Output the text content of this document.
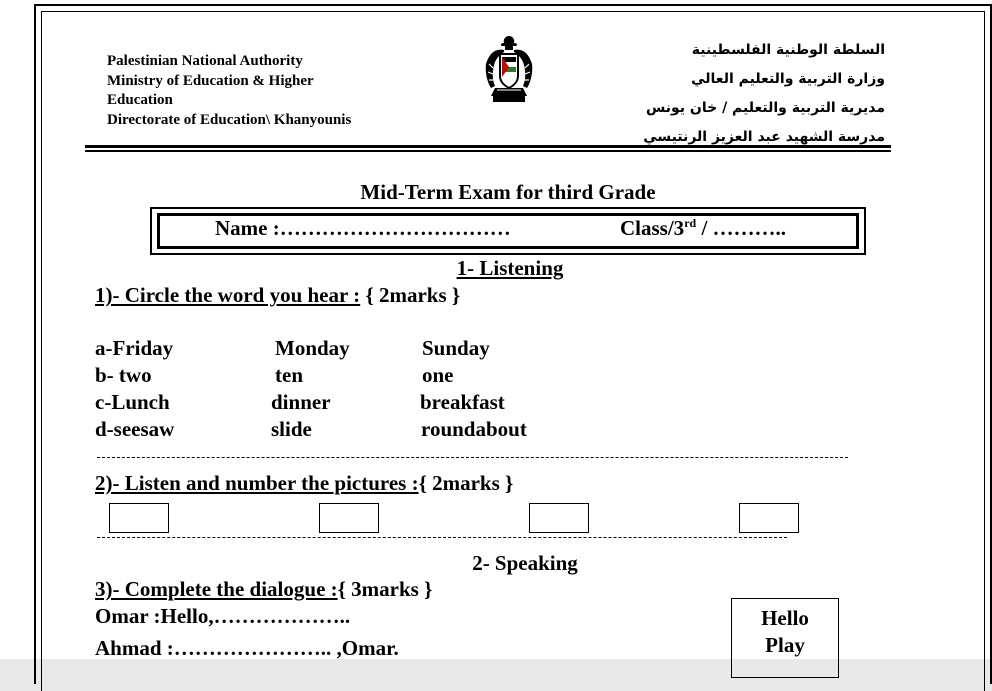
Palestinian National Authority
Ministry of Education & Higher
Education
Directorate of Education\ Khanyounis
السلطة الوطنية الفلسطينية
وزارة التربية والتعليم العالي
مديرية التربية والتعليم / خان يونس
مدرسة الشهيد عبد العزيز الرنتيسي
Mid-Term Exam for third Grade
Name :……………………………	Class/3rd / ………..
1- Listening
1)- Circle the word you hear : { 2marks }
a-Friday	Monday	Sunday
b- two	ten	one
c-Lunch	dinner	breakfast
d-seesaw	slide	roundabout
2)- Listen and number the pictures :{ 2marks }
2- Speaking
3)- Complete the dialogue :{ 3marks }
Omar :Hello,………………..
Ahmad :………………….. ,Omar.
Hello
Play
